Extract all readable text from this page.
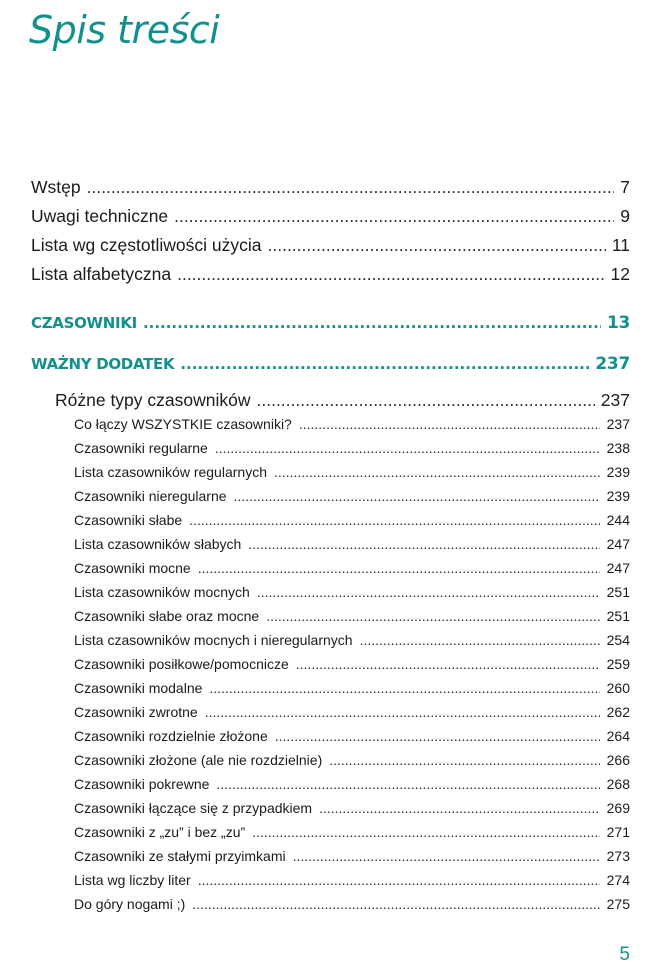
Spis treści
Wstęp .....	7
Uwagi techniczne .....	9
Lista wg częstotliwości użycia .....	11
Lista alfabetyczna .....	12
CZASOWNIKI .....	13
WAŻNY DODATEK .....	237
Różne typy czasowników .....	237
Co łączy WSZYSTKIE czasowniki? .....	237
Czasowniki regularne .....	238
Lista czasowników regularnych .....	239
Czasowniki nieregularne .....	239
Czasowniki słabe .....	244
Lista czasowników słabych .....	247
Czasowniki mocne .....	247
Lista czasowników mocnych .....	251
Czasowniki słabe oraz mocne .....	251
Lista czasowników mocnych i nieregularnych .....	254
Czasowniki posiłkowe/pomocnicze .....	259
Czasowniki modalne .....	260
Czasowniki zwrotne .....	262
Czasowniki rozdzielnie złożone .....	264
Czasowniki złożone (ale nie rozdzielnie) .....	266
Czasowniki pokrewne .....	268
Czasowniki łączące się z przypadkiem .....	269
Czasowniki z „zu” i bez „zu” .....	271
Czasowniki ze stałymi przyimkami .....	273
Lista wg liczby liter .....	274
Do góry nogami ;) .....	275
5
